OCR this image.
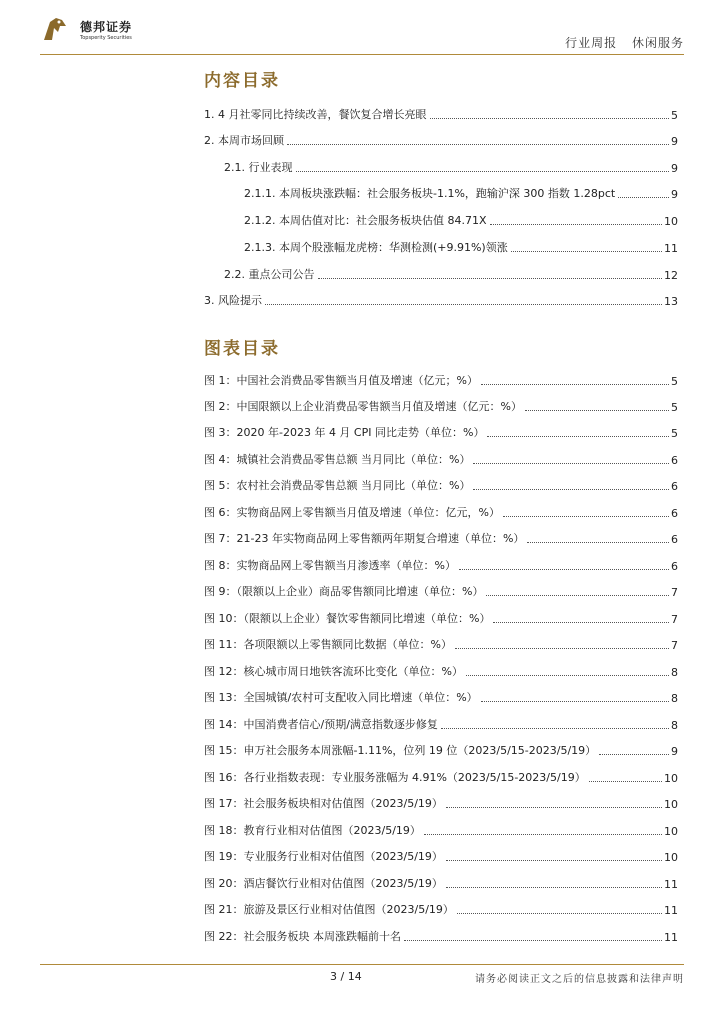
德邦证券
Topsperity Securities	行业周报 休闲服务
内容目录
1. 4 月社零同比持续改善，餐饮复合增长亮眼	5
2. 本周市场回顾	9
2.1. 行业表现	9
2.1.1. 本周板块涨跌幅：社会服务板块-1.1%，跑输沪深 300 指数 1.28pct	9
2.1.2. 本周估值对比：社会服务板块估值 84.71X	10
2.1.3. 本周个股涨幅龙虎榜：华测检测(+9.91%)领涨	11
2.2. 重点公司公告	12
3. 风险提示	13
图表目录
图 1：中国社会消费品零售额当月值及增速（亿元；%）	5
图 2：中国限额以上企业消费品零售额当月值及增速（亿元：%）	5
图 3：2020 年-2023 年 4 月 CPI 同比走势（单位：%）	5
图 4：城镇社会消费品零售总额 当月同比（单位：%）	6
图 5：农村社会消费品零售总额 当月同比（单位：%）	6
图 6：实物商品网上零售额当月值及增速（单位：亿元，%）	6
图 7：21-23 年实物商品网上零售额两年期复合增速（单位：%）	6
图 8：实物商品网上零售额当月渗透率（单位：%）	6
图 9：（限额以上企业）商品零售额同比增速（单位：%）	7
图 10：（限额以上企业）餐饮零售额同比增速（单位：%）	7
图 11：各项限额以上零售额同比数据（单位：%）	7
图 12：核心城市周日地铁客流环比变化（单位：%）	8
图 13：全国城镇/农村可支配收入同比增速（单位：%）	8
图 14：中国消费者信心/预期/满意指数逐步修复	8
图 15：申万社会服务本周涨幅-1.11%，位列 19 位（2023/5/15-2023/5/19）	9
图 16：各行业指数表现：专业服务涨幅为 4.91%（2023/5/15-2023/5/19）	10
图 17：社会服务板块相对估值图（2023/5/19）	10
图 18：教育行业相对估值图（2023/5/19）	10
图 19：专业服务行业相对估值图（2023/5/19）	10
图 20：酒店餐饮行业相对估值图（2023/5/19）	11
图 21：旅游及景区行业相对估值图（2023/5/19）	11
图 22：社会服务板块 本周涨跌幅前十名	11
3 / 14	请务必阅读正文之后的信息披露和法律声明
